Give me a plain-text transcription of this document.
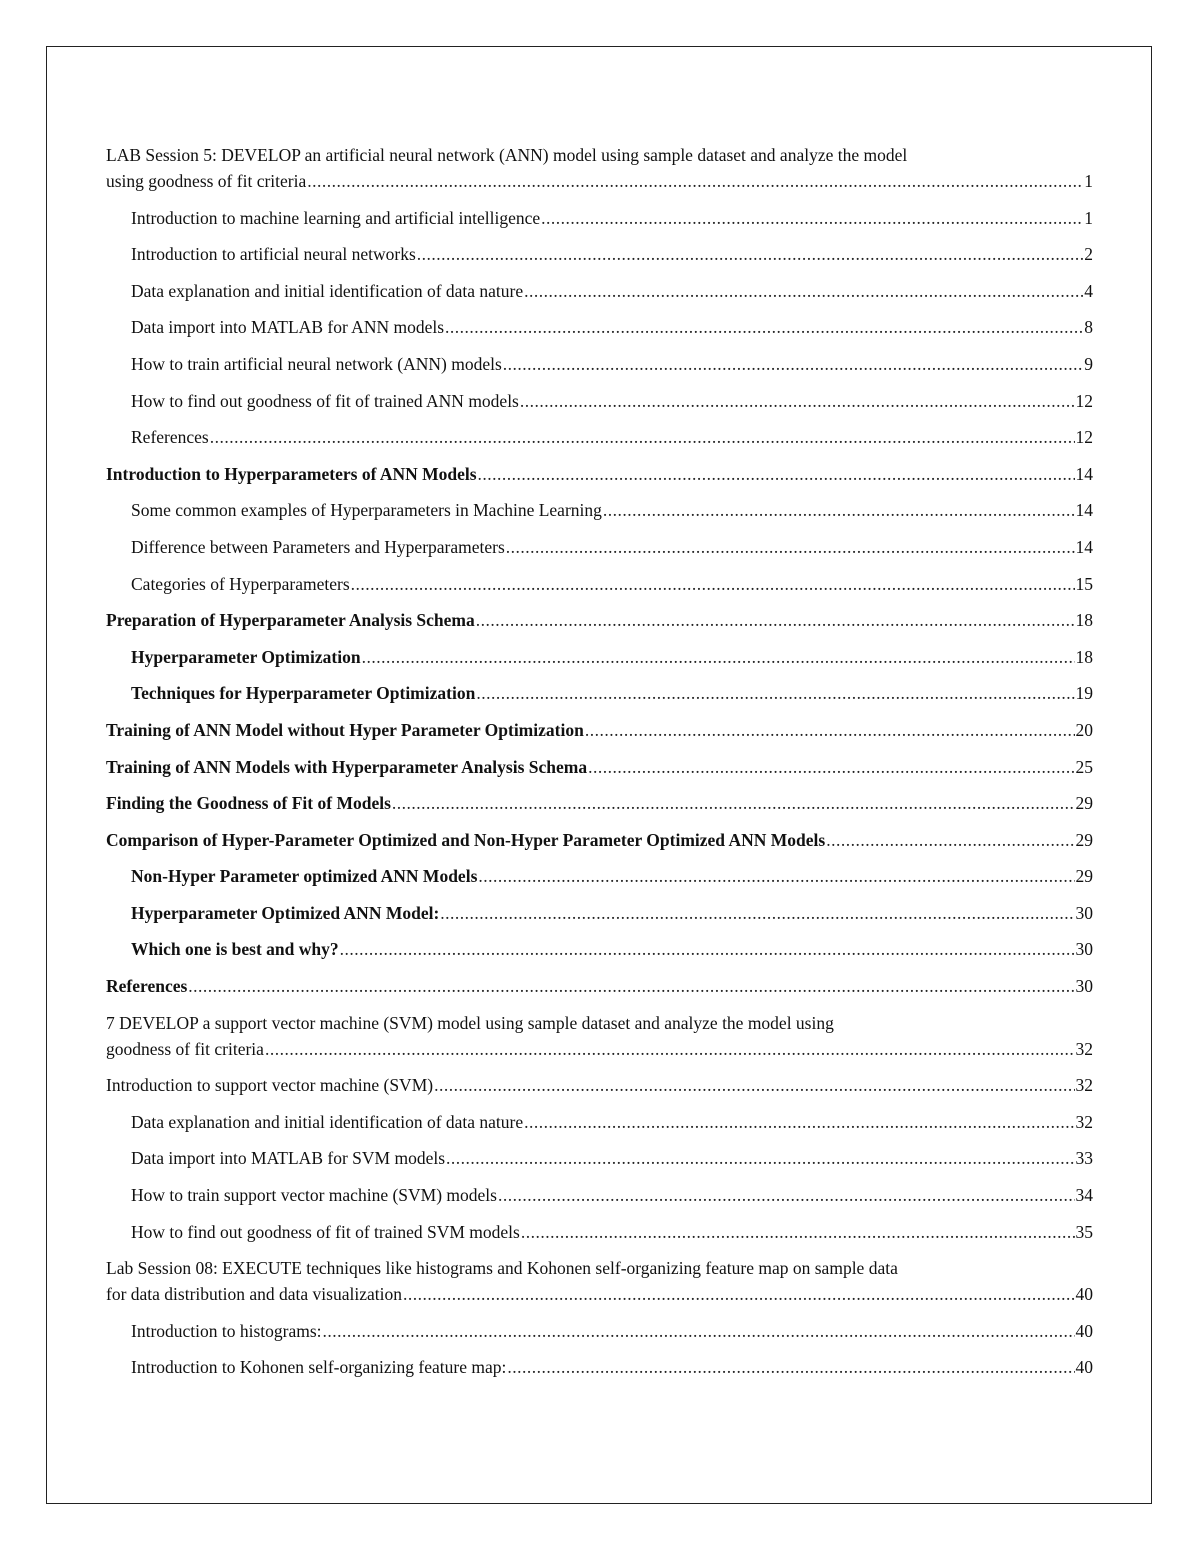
LAB Session 5: DEVELOP an artificial neural network (ANN) model using sample dataset and analyze the model
using goodness of fit criteria .....	1
Introduction to machine learning and artificial intelligence .....	1
Introduction to artificial neural networks .....	2
Data explanation and initial identification of data nature .....	4
Data import into MATLAB for ANN models .....	8
How to train artificial neural network (ANN) models .....	9
How to find out goodness of fit of trained ANN models .....	12
References .....	12
Introduction to Hyperparameters of ANN Models .....	14
Some common examples of Hyperparameters in Machine Learning .....	14
Difference between Parameters and Hyperparameters .....	14
Categories of Hyperparameters .....	15
Preparation of Hyperparameter Analysis Schema .....	18
Hyperparameter Optimization .....	18
Techniques for Hyperparameter Optimization .....	19
Training of ANN Model without Hyper Parameter Optimization .....	20
Training of ANN Models with Hyperparameter Analysis Schema .....	25
Finding the Goodness of Fit of Models .....	29
Comparison of Hyper-Parameter Optimized and Non-Hyper Parameter Optimized ANN Models .....	29
Non-Hyper Parameter optimized ANN Models .....	29
Hyperparameter Optimized ANN Model: .....	30
Which one is best and why? .....	30
References .....	30
7 DEVELOP a support vector machine (SVM) model using sample dataset and analyze the model using
goodness of fit criteria .....	32
Introduction to support vector machine (SVM) .....	32
Data explanation and initial identification of data nature .....	32
Data import into MATLAB for SVM models .....	33
How to train support vector machine (SVM) models .....	34
How to find out goodness of fit of trained SVM models .....	35
Lab Session 08: EXECUTE techniques like histograms and Kohonen self-organizing feature map on sample data
for data distribution and data visualization .....	40
Introduction to histograms: .....	40
Introduction to Kohonen self-organizing feature map: .....	40
